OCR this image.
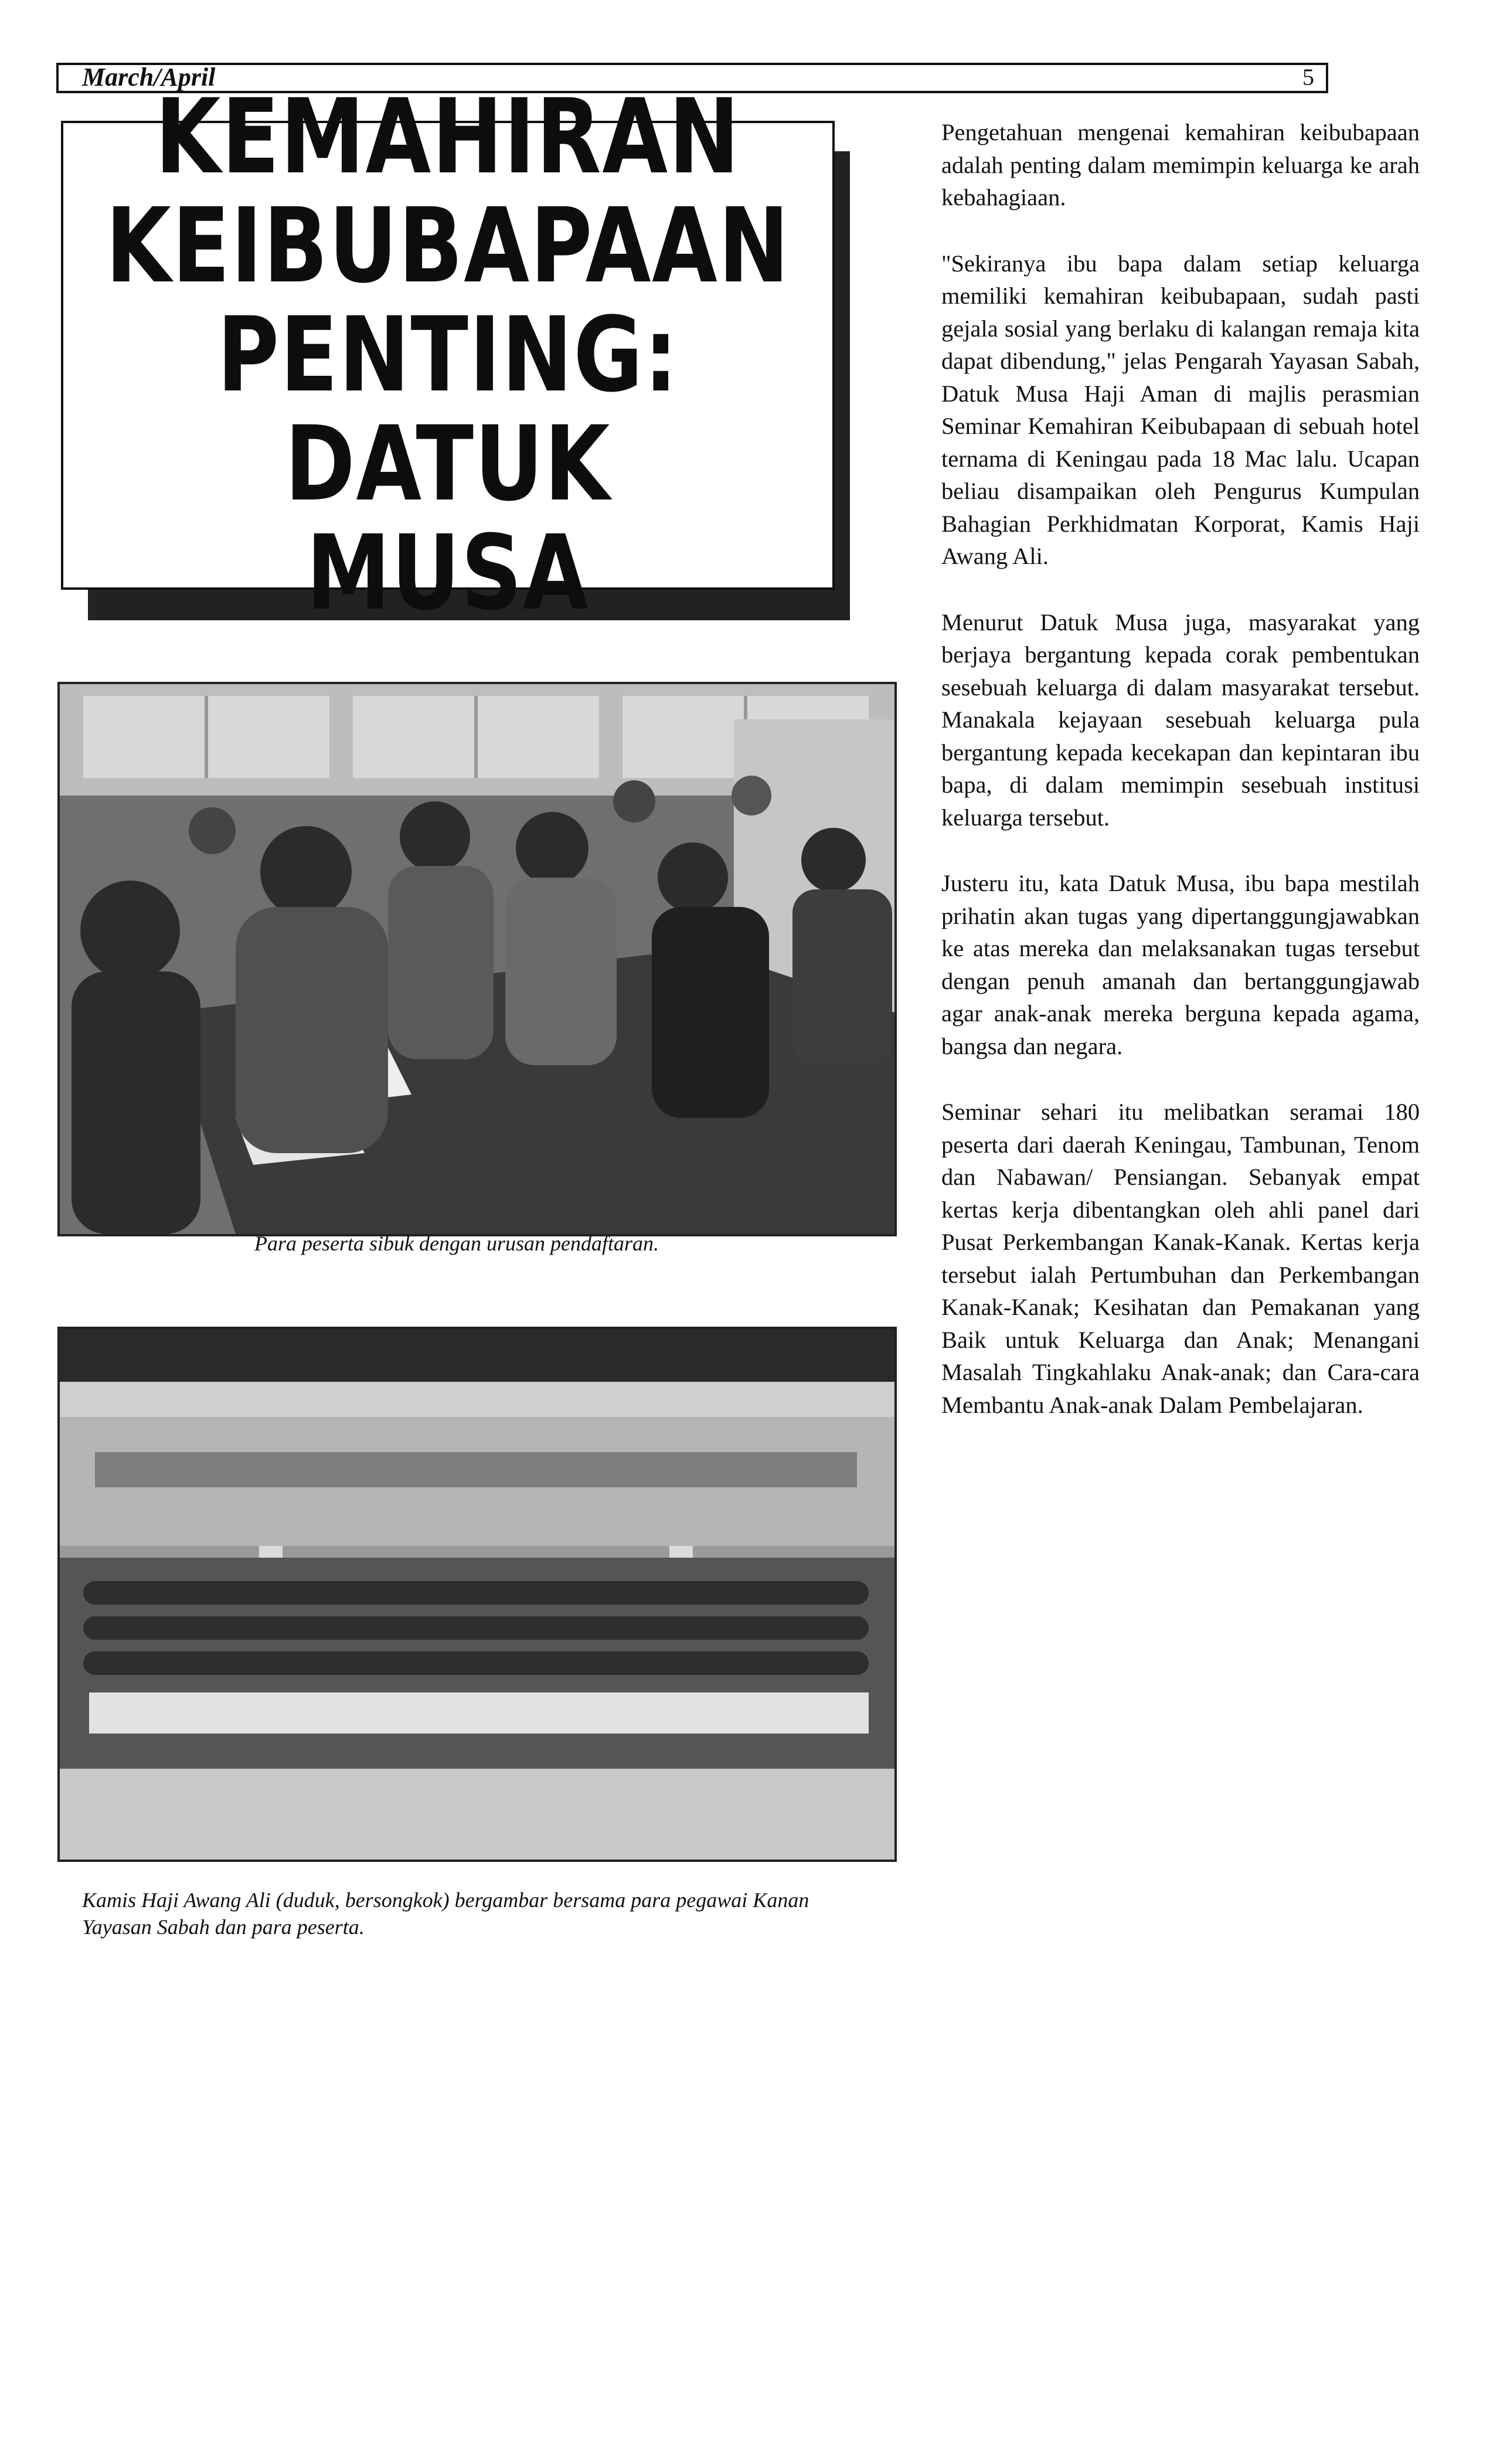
March/April	5
KEMAHIRAN
KEIBUBAPAAN
PENTING:
DATUK MUSA
Para peserta sibuk dengan urusan pendaftaran.
Kamis Haji Awang Ali (duduk, bersongkok) bergambar bersama para pegawai Kanan
Yayasan Sabah dan para peserta.

Pengetahuan mengenai kemahiran keibubapaan adalah penting dalam memimpin keluarga ke arah kebahagiaan.

"Sekiranya ibu bapa dalam setiap keluarga memiliki kemahiran keibubapaan, sudah pasti gejala sosial yang berlaku di kalangan remaja kita dapat dibendung," jelas Pengarah Yayasan Sabah, Datuk Musa Haji Aman di majlis perasmian Seminar Kemahiran Keibubapaan di sebuah hotel ternama di Keningau pada 18 Mac lalu. Ucapan beliau disampaikan oleh Pengurus Kumpulan Bahagian Perkhidmatan Korporat, Kamis Haji Awang Ali.

Menurut Datuk Musa juga, masyarakat yang berjaya bergantung kepada corak pembentukan sesebuah keluarga di dalam masyarakat tersebut. Manakala kejayaan sesebuah keluarga pula bergantung kepada kecekapan dan kepintaran ibu bapa, di dalam memimpin sesebuah institusi keluarga tersebut.

Justeru itu, kata Datuk Musa, ibu bapa mestilah prihatin akan tugas yang dipertanggungjawabkan ke atas mereka dan melaksanakan tugas tersebut dengan penuh amanah dan bertanggungjawab agar anak-anak mereka berguna kepada agama, bangsa dan negara.

Seminar sehari itu melibatkan seramai 180 peserta dari daerah Keningau, Tambunan, Tenom dan Nabawan/ Pensiangan. Sebanyak empat kertas kerja dibentangkan oleh ahli panel dari Pusat Perkembangan Kanak-Kanak. Kertas kerja tersebut ialah Pertumbuhan dan Perkembangan Kanak-Kanak; Kesihatan dan Pemakanan yang Baik untuk Keluarga dan Anak; Menangani Masalah Tingkahlaku Anak-anak; dan Cara-cara Membantu Anak-anak Dalam Pembelajaran.
